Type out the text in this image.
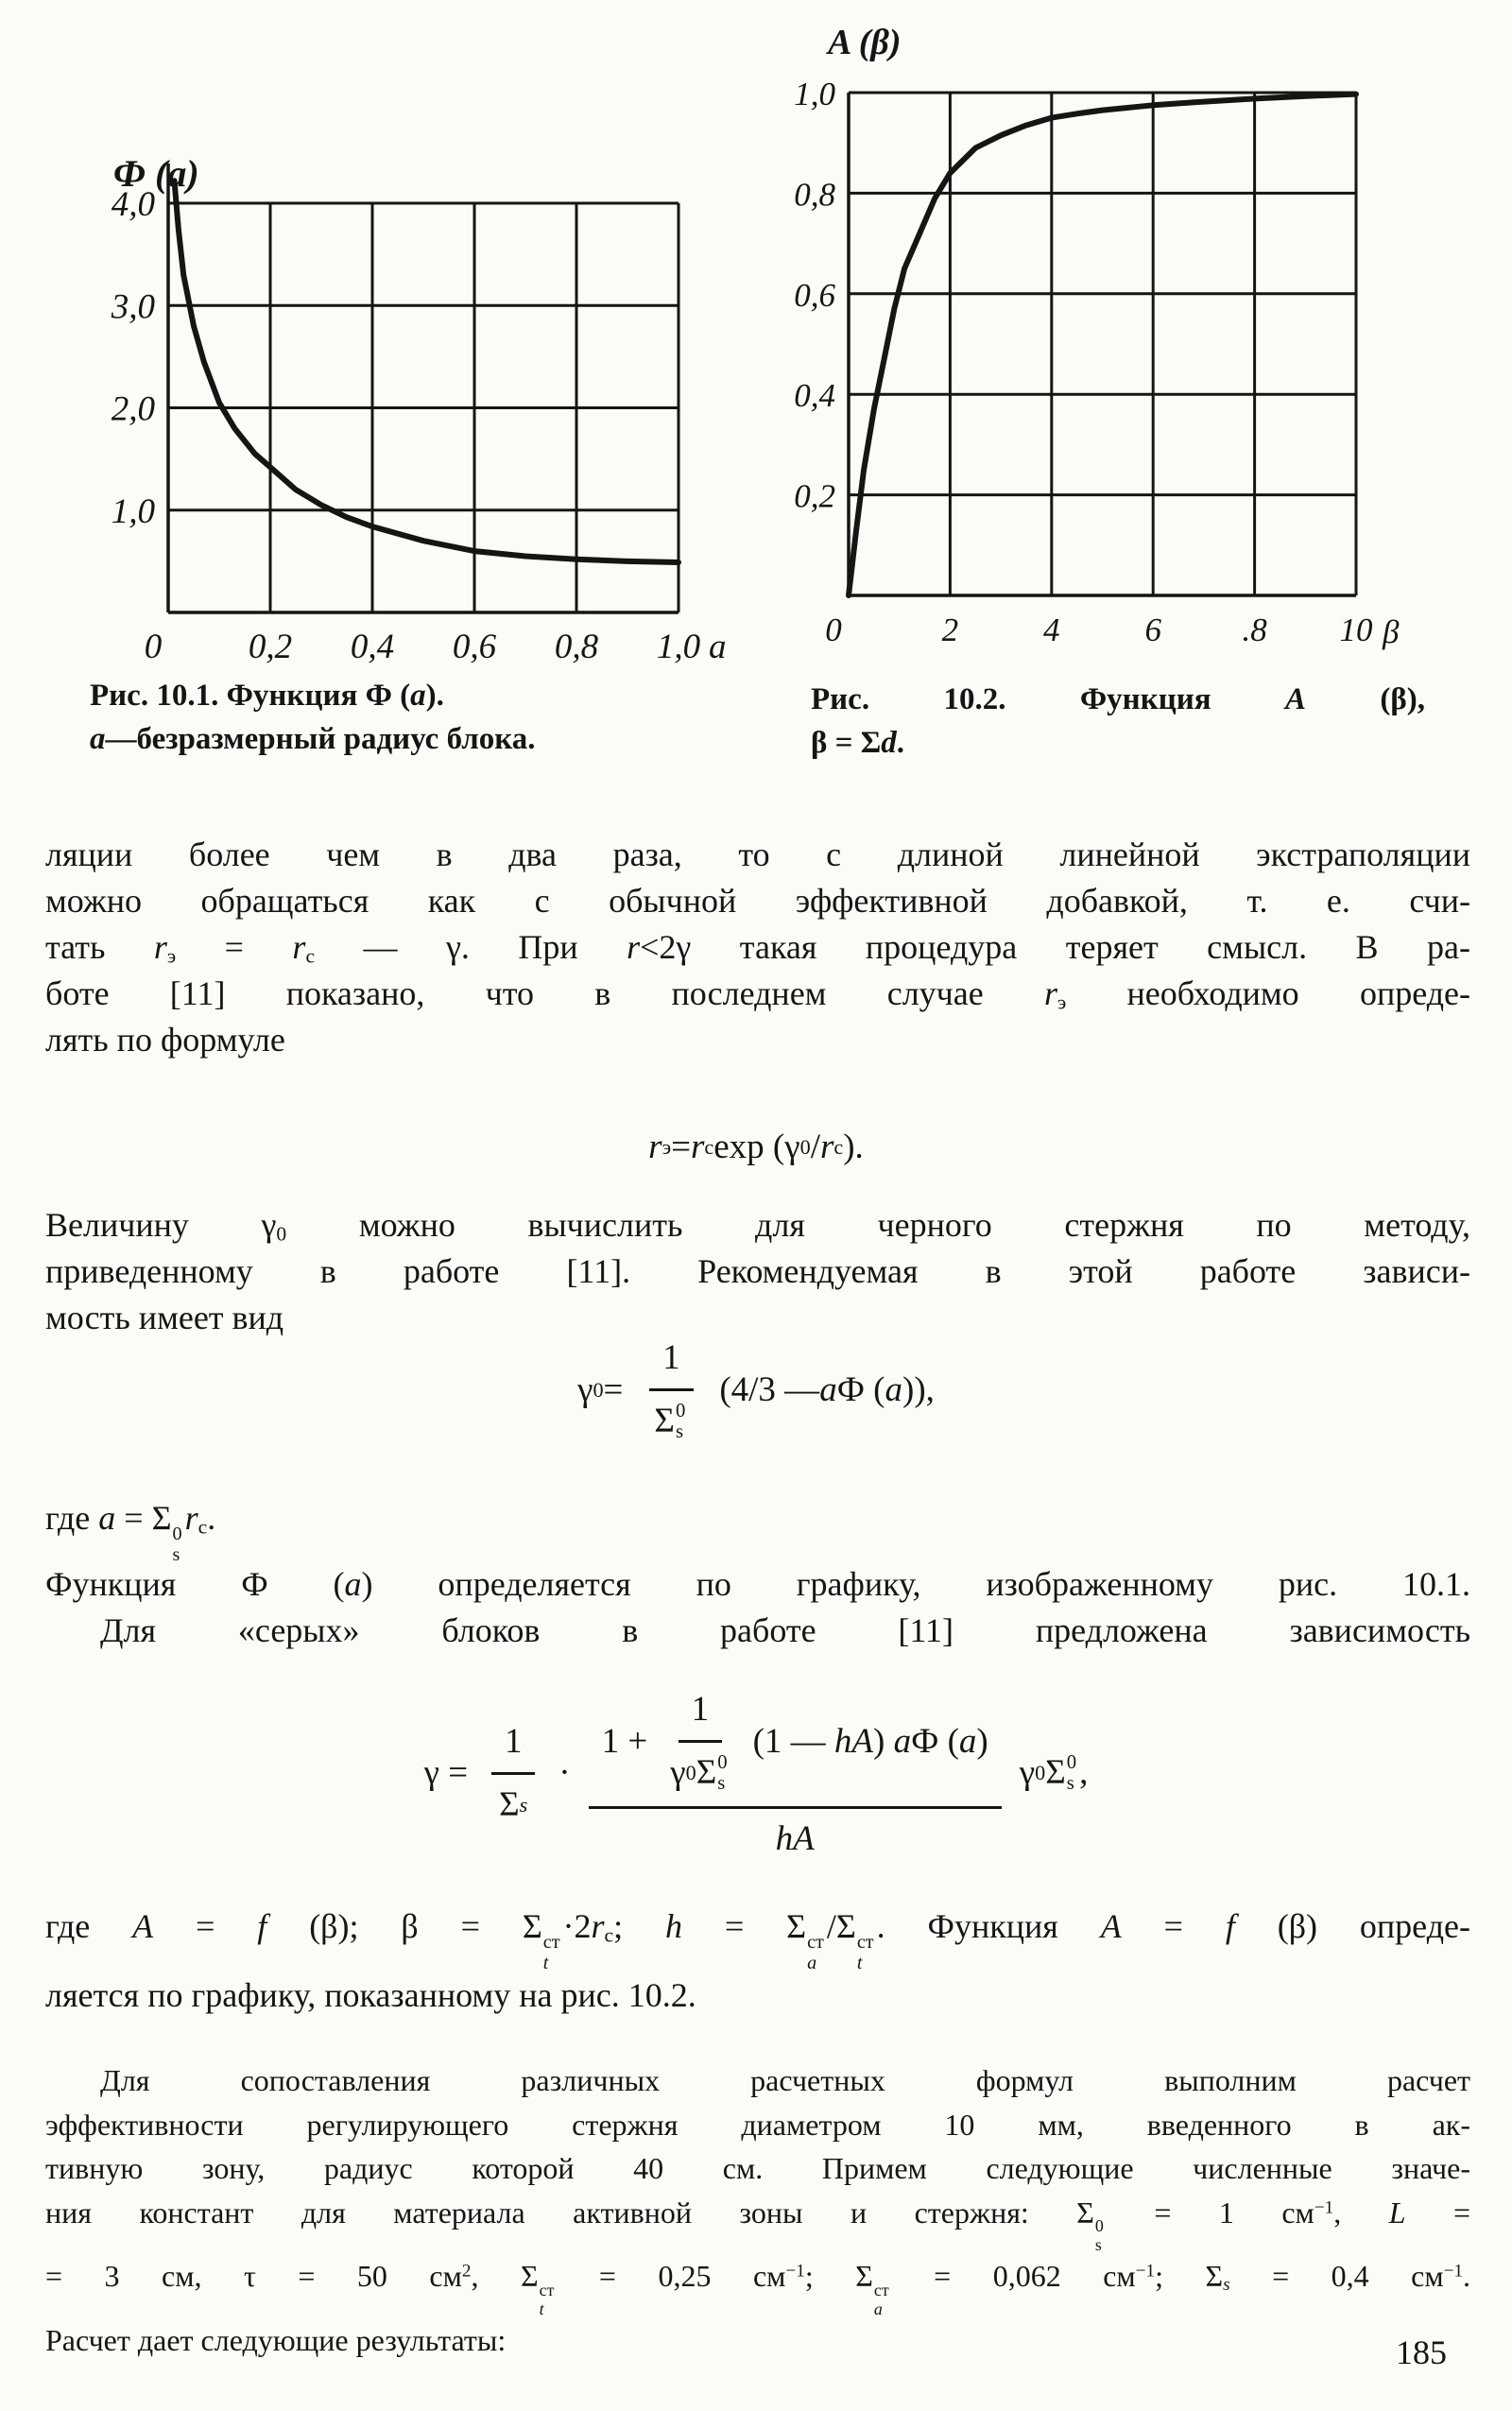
1,0
2,0
3,0
4,0
0 0,2 0,4 0,6 0,8 1,0
Ф (а)
a
0,2
0,4
0,6
0,8
1,0
0	2	4	6 .8 10
A (β)
β
Рис. 10.1. Функция Ф (а).
а—безразмерный радиус блока.
Рис. 10.2. Функция A (β),
β = Σd.
ляции более чем в два раза, то с длиной линейной экстраполяции
можно обращаться как с обычной эффективной добавкой, т. е. счи-
тать $r_э = r_с$ — γ. При r<2γ такая процедура теряет смысл. В ра-
боте [11] показано, что в последнем случае $r_э$ необходимо опреде-
лять по формуле
r э = r с exp (γ 0 / r с ).
Величину $\gamma_0$ можно вычислить для черного стержня по методу,
приведенному в работе [11]. Рекомендуемая в этой работе зависи-
мость имеет вид
γ 0 = 1
Σ 0
s (4/3 — a Ф ( a )),
где a = Σ 0
s
$r_с$.
Функция Ф (а) определяется по графику, изображенному рис. 10.1.
Для «серых» блоков в работе [11] предложена зависимость
$\gamma = \frac{1}{\text{Σ s}}$ ·
1 + 1
γ 0 Σ 0
s (1 — hA) aФ (a)
hA
γ 0 Σ 0
s ,
где A = f (β); β = Σ ст
t
$\cdot 2r_с$; h = Σ ст
a
/Σ ст
t
. Функция A = f (β) опреде-
ляется по графику, показанному на рис. 10.2.
Для сопоставления различных расчетных формул выполним расчет
эффективности регулирующего стержня диаметром 10 мм, введенного в ак-
тивную зону, радиус которой 40 см. Примем следующие численные значе-
ния констант для материала активной зоны и стержня: Σ 0
s
= 1 $см^{-1}$, L =
= 3 см, τ = 50 $см^2$, Σ ст
t
= 0,25 $см^{-1}$; Σ ст
a
= 0,062 $см^{-1}$; $\Sigma_s = 0,4$ $см^{-1}$.
Расчет дает следующие результаты:	185
